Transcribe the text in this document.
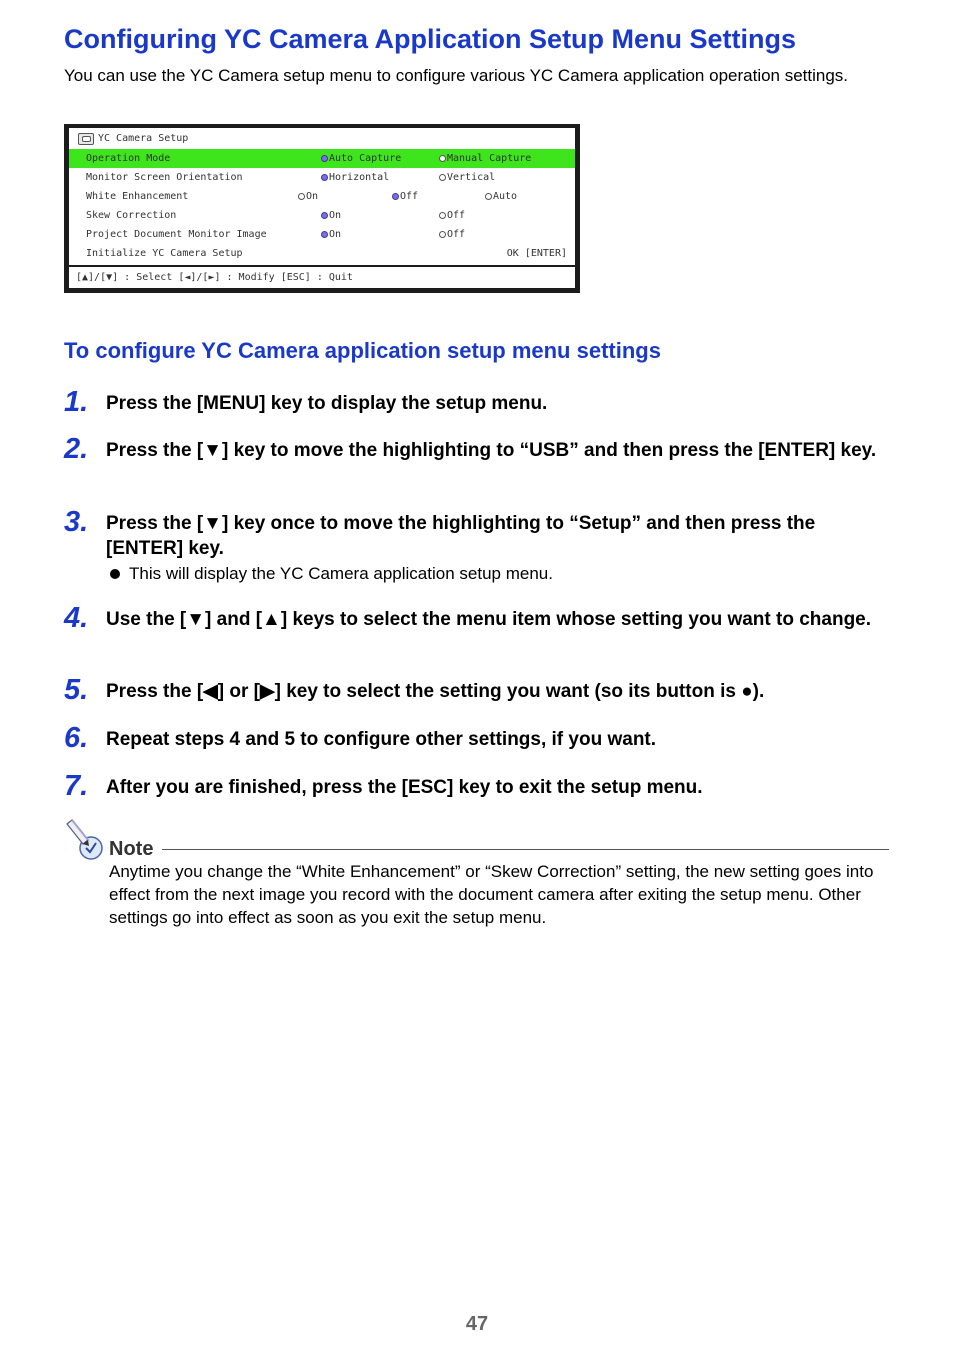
Configuring YC Camera Application Setup Menu Settings
You can use the YC Camera setup menu to configure various YC Camera application operation settings.
YC Camera Setup
Operation Mode	Auto Capture	Manual Capture
Monitor Screen Orientation	Horizontal	Vertical
White Enhancement	On	Off	Auto
Skew Correction	On	Off
Project Document Monitor Image	On	Off
Initialize YC Camera Setup	OK [ENTER]
[▲]/[▼] : Select [◄]/[►] : Modify [ESC] : Quit
To configure YC Camera application setup menu settings
1. Press the [MENU] key to display the setup menu.
2. Press the [▼] key to move the highlighting to “USB” and then press the [ENTER] key.
3. Press the [▼] key once to move the highlighting to “Setup” and then press the [ENTER] key.
This will display the YC Camera application setup menu.
4. Use the [▼] and [▲] keys to select the menu item whose setting you want to change.
5. Press the [◀] or [▶] key to select the setting you want (so its button is ●).
6. Repeat steps 4 and 5 to configure other settings, if you want.
7. After you are finished, press the [ESC] key to exit the setup menu.
Note
Anytime you change the “White Enhancement” or “Skew Correction” setting, the new setting goes into effect from the next image you record with the document camera after exiting the setup menu. Other settings go into effect as soon as you exit the setup menu.
47
